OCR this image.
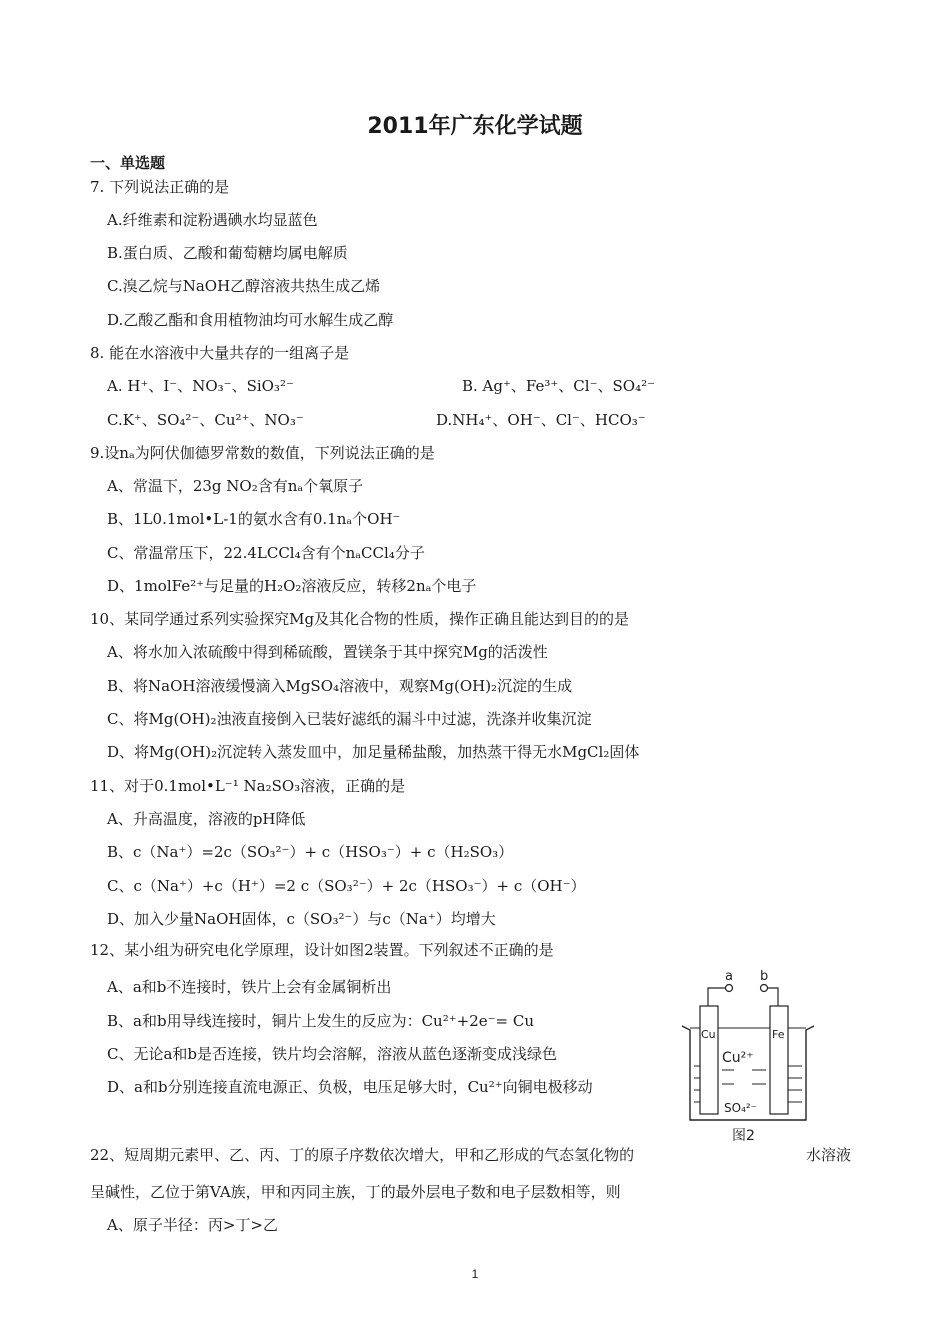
2011年广东化学试题
一、单选题
7. 下列说法正确的是
A.纤维素和淀粉遇碘水均显蓝色
B.蛋白质、乙酸和葡萄糖均属电解质
C.溴乙烷与NaOH乙醇溶液共热生成乙烯
D.乙酸乙酯和食用植物油均可水解生成乙醇
8. 能在水溶液中大量共存的一组离子是
A. H⁺、I⁻、NO₃⁻、SiO₃²⁻	B. Ag⁺、Fe³⁺、Cl⁻、SO₄²⁻
C.K⁺、SO₄²⁻、Cu²⁺、NO₃⁻	D.NH₄⁺、OH⁻、Cl⁻、HCO₃⁻
9.设nₐ为阿伏伽德罗常数的数值，下列说法正确的是
A、常温下，23g NO₂含有nₐ个氧原子
B、1L0.1mol•L-1的氨水含有0.1nₐ个OH⁻
C、常温常压下，22.4LCCl₄含有个nₐCCl₄分子
D、1molFe²⁺与足量的H₂O₂溶液反应，转移2nₐ个电子
10、某同学通过系列实验探究Mg及其化合物的性质，操作正确且能达到目的的是
A、将水加入浓硫酸中得到稀硫酸，置镁条于其中探究Mg的活泼性
B、将NaOH溶液缓慢滴入MgSO₄溶液中，观察Mg(OH)₂沉淀的生成
C、将Mg(OH)₂浊液直接倒入已装好滤纸的漏斗中过滤，洗涤并收集沉淀
D、将Mg(OH)₂沉淀转入蒸发皿中，加足量稀盐酸，加热蒸干得无水MgCl₂固体
11、对于0.1mol•L⁻¹ Na₂SO₃溶液，正确的是
A、升高温度，溶液的pH降低
B、c（Na⁺）=2c（SO₃²⁻）+ c（HSO₃⁻）+ c（H₂SO₃）
C、c（Na⁺）+c（H⁺）=2 c（SO₃²⁻）+ 2c（HSO₃⁻）+ c（OH⁻）
D、加入少量NaOH固体，c（SO₃²⁻）与c（Na⁺）均增大
12、某小组为研究电化学原理，设计如图2装置。下列叙述不正确的是
A、a和b不连接时，铁片上会有金属铜析出
B、a和b用导线连接时，铜片上发生的反应为：Cu²⁺+2e⁻= Cu
C、无论a和b是否连接，铁片均会溶解，溶液从蓝色逐渐变成浅绿色
D、a和b分别连接直流电源正、负极，电压足够大时，Cu²⁺向铜电极移动
a b
Cu	Fe
Cu²⁺
SO₄²⁻
图2
22、短周期元素甲、乙、丙、丁的原子序数依次增大，甲和乙形成的气态氢化物的	水溶液
呈碱性，乙位于第VA族，甲和丙同主族，丁的最外层电子数和电子层数相等，则
A、原子半径：丙>丁>乙
1
